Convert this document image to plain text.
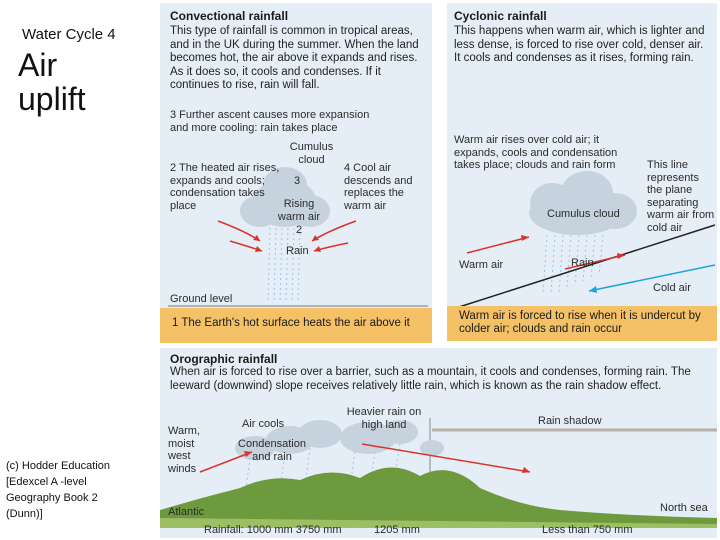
Water Cycle 4
Air
uplift
(c) Hodder Education [Edexcel A -level Geography Book 2 (Dunn)]
Convectional rainfall
This type of rainfall is common in tropical areas, and in the UK during the summer. When the land becomes hot, the air above it expands and rises. As it does so, it cools and condenses. If it continues to rise, rain will fall.
3 Further ascent causes more expansion and more cooling: rain takes place
Cumulus cloud
2 The heated air rises, expands and cools; condensation takes place
4 Cool air descends and replaces the warm air
3
Rising warm air
2
Rain
Ground level
1 The Earth's hot surface heats the air above it
Cyclonic rainfall
This happens when warm air, which is lighter and less dense, is forced to rise over cold, denser air. It cools and condenses as it rises, forming rain.
Warm air rises over cold air; it expands, cools and condensation takes place; clouds and rain form	This line represents the plane separating warm air from cold air
Cumulus cloud
Warm air	Rain
Cold air
Warm air is forced to rise when it is undercut by colder air; clouds and rain occur
Orographic rainfall
When air is forced to rise over a barrier, such as a mountain, it cools and condenses, forming rain. The leeward (downwind) slope receives relatively little rain, which is known as the rain shadow effect.
Warm, moist west winds
Air cools
Condensation and rain
Heavier rain on high land	Rain shadow
Atlantic	North sea
Rainfall: 1000 mm 3750 mm	1205 mm	Less than 750 mm
